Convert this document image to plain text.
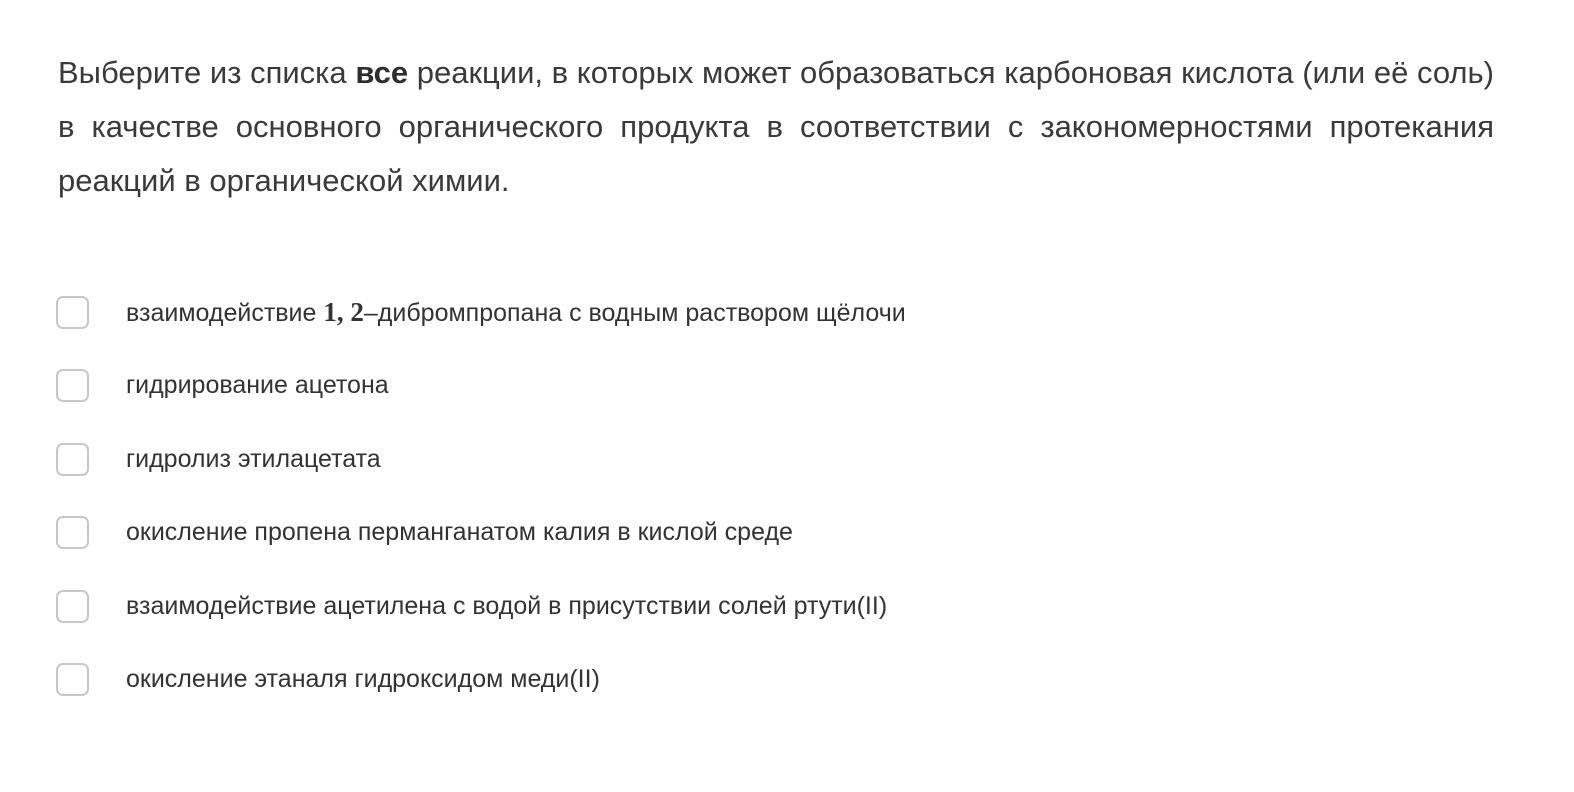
Выберите из списка все реакции, в которых может образоваться карбоновая кислота (или её соль) в качестве основного органического продукта в соответствии с закономерностями протекания реакций в органической химии.

взаимодействие 1, 2–дибромпропана с водным раствором щёлочи
гидрирование ацетона
гидролиз этилацетата
окисление пропена перманганатом калия в кислой среде
взаимодействие ацетилена с водой в присутствии солей ртути(II)
окисление этаналя гидроксидом меди(II)
